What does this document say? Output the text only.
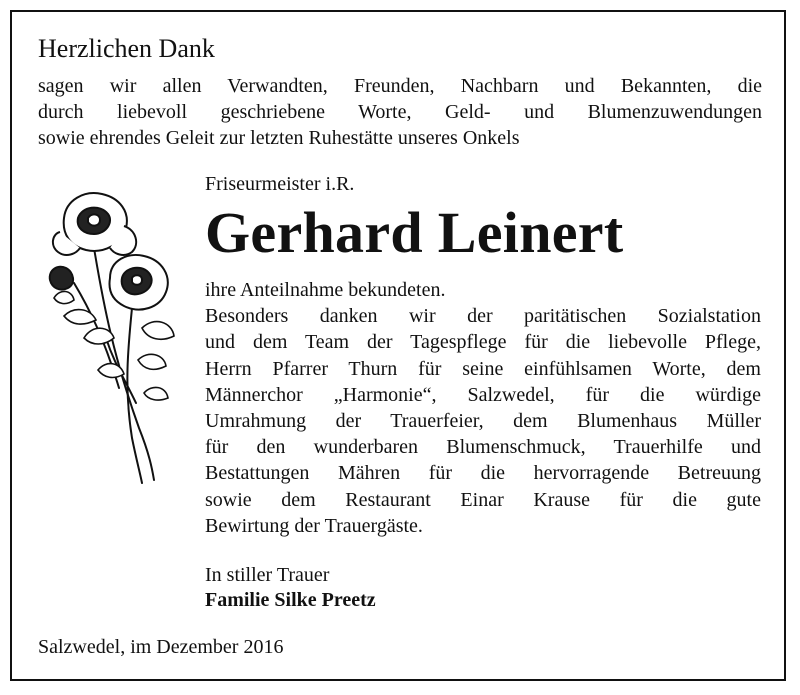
Herzlichen Dank
sagen wir allen Verwandten, Freunden, Nachbarn und Bekannten, die
durch liebevoll geschriebene Worte, Geld- und Blumenzuwendungen
sowie ehrendes Geleit zur letzten Ruhestätte unseres Onkels
Friseurmeister i.R.
Gerhard Leinert
ihre Anteilnahme bekundeten.
Besonders danken wir der paritätischen Sozialstation
und dem Team der Tagespflege für die liebevolle Pflege,
Herrn Pfarrer Thurn für seine einfühlsamen Worte, dem
Männerchor „Harmonie“, Salzwedel, für die würdige
Umrahmung der Trauerfeier, dem Blumenhaus Müller
für den wunderbaren Blumenschmuck, Trauerhilfe und
Bestattungen Mähren für die hervorragende Betreuung
sowie dem Restaurant Einar Krause für die gute
Bewirtung der Trauergäste.
In stiller Trauer
Familie Silke Preetz
Salzwedel, im Dezember 2016
